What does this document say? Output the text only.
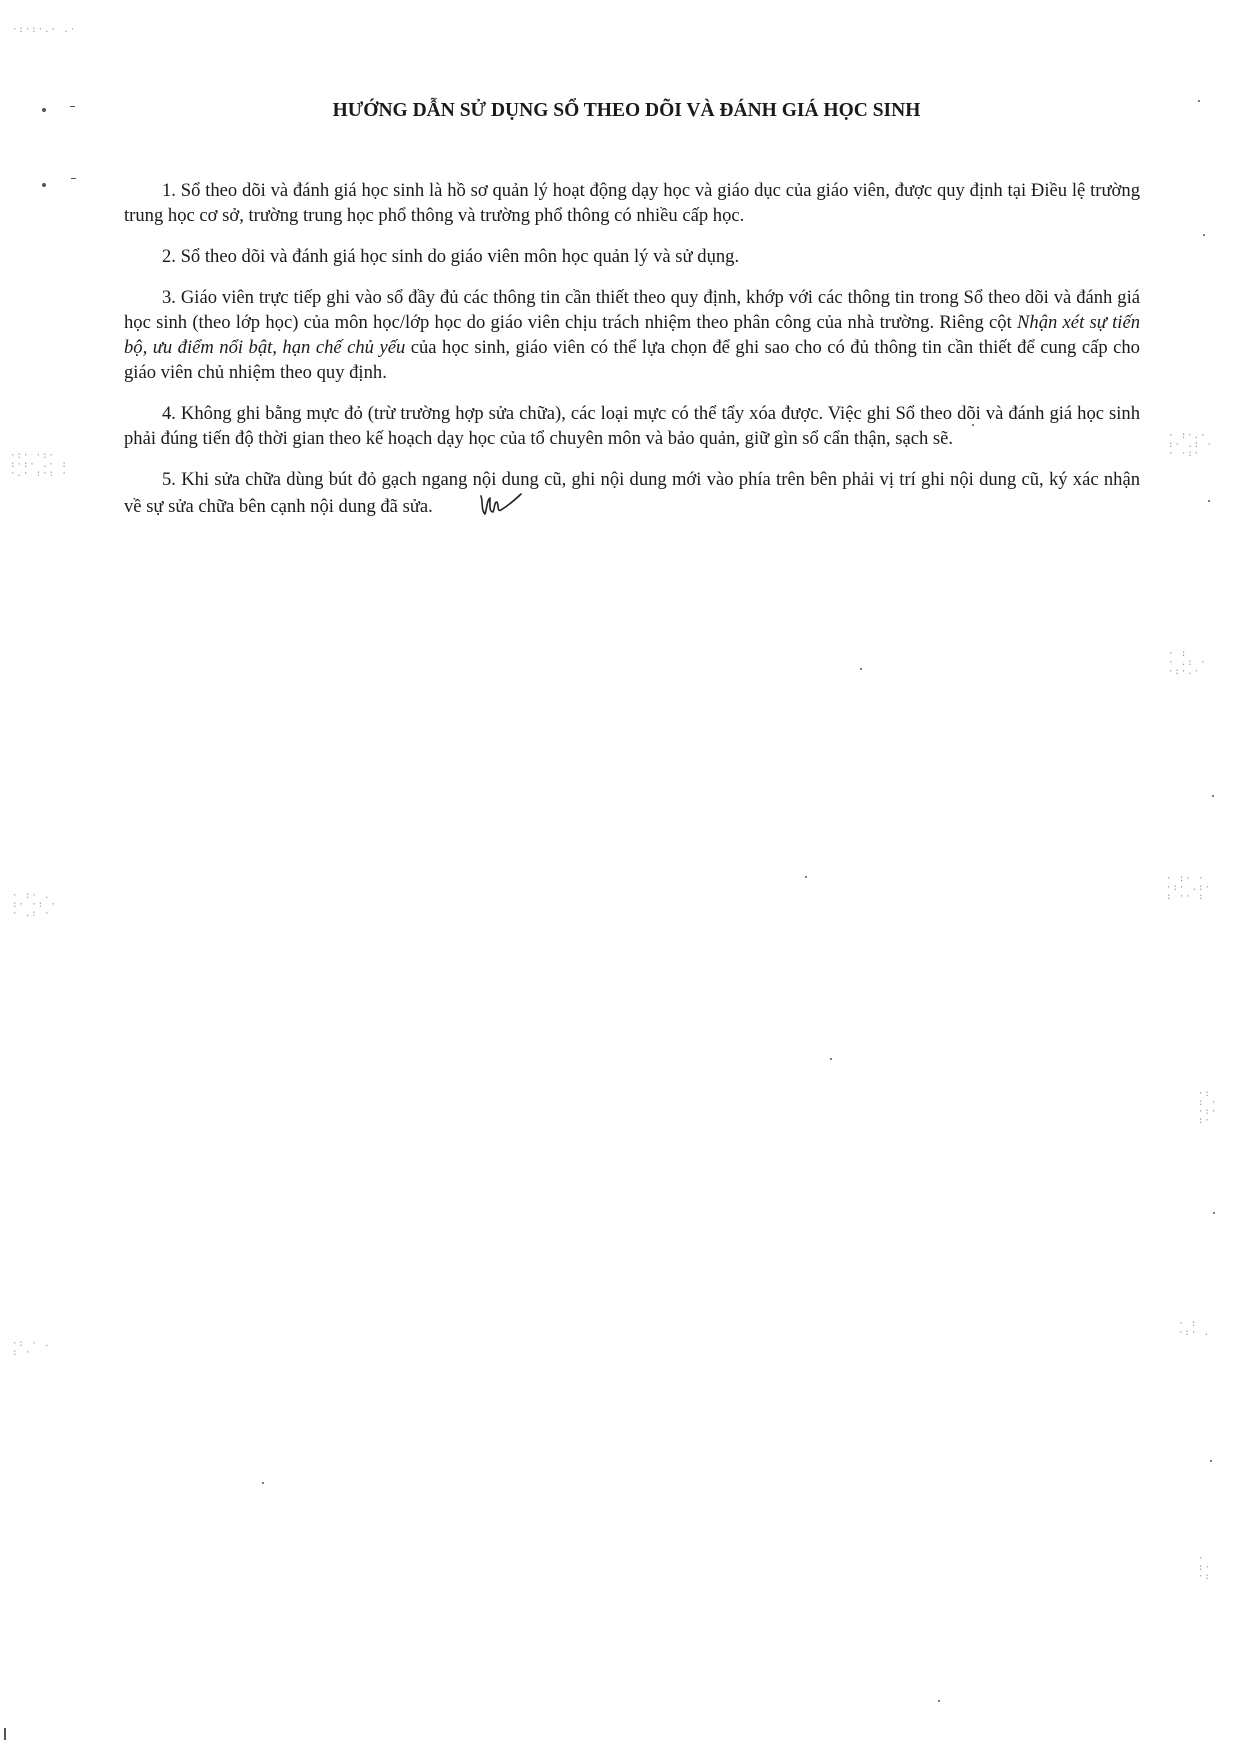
·:·:·.· .·
·:· ·:·
:·:· .· :
·.· :·: ·
· :· .
:· ·: ·
· .: ·
·: · .
: ·
· :·.·
:· .: ·
· ·:·
· :
· .: ·
·:·.·
· :· ·
·:· .:·
: ·· :
·:
: ·
·:·
:·
· :
·:· .
·
:·
·:
HƯỚNG DẪN SỬ DỤNG SỔ THEO DÕI VÀ ĐÁNH GIÁ HỌC SINH

1. Sổ theo dõi và đánh giá học sinh là hồ sơ quản lý hoạt động dạy học và giáo dục của giáo viên, được quy định tại Điều lệ trường trung học cơ sở, trường trung học phổ thông và trường phổ thông có nhiều cấp học.

2. Sổ theo dõi và đánh giá học sinh do giáo viên môn học quản lý và sử dụng.

3. Giáo viên trực tiếp ghi vào sổ đầy đủ các thông tin cần thiết theo quy định, khớp với các thông tin trong Sổ theo dõi và đánh giá học sinh (theo lớp học) của môn học/lớp học do giáo viên chịu trách nhiệm theo phân công của nhà trường. Riêng cột Nhận xét sự tiến bộ, ưu điểm nổi bật, hạn chế chủ yếu của học sinh, giáo viên có thể lựa chọn để ghi sao cho có đủ thông tin cần thiết để cung cấp cho giáo viên chủ nhiệm theo quy định.

4. Không ghi bằng mực đỏ (trừ trường hợp sửa chữa), các loại mực có thể tẩy xóa được. Việc ghi Sổ theo dõi và đánh giá học sinh phải đúng tiến độ thời gian theo kế hoạch dạy học của tổ chuyên môn và bảo quản, giữ gìn sổ cẩn thận, sạch sẽ.

5. Khi sửa chữa dùng bút đỏ gạch ngang nội dung cũ, ghi nội dung mới vào phía trên bên phải vị trí ghi nội dung cũ, ký xác nhận về sự sửa chữa bên cạnh nội dung đã sửa.
